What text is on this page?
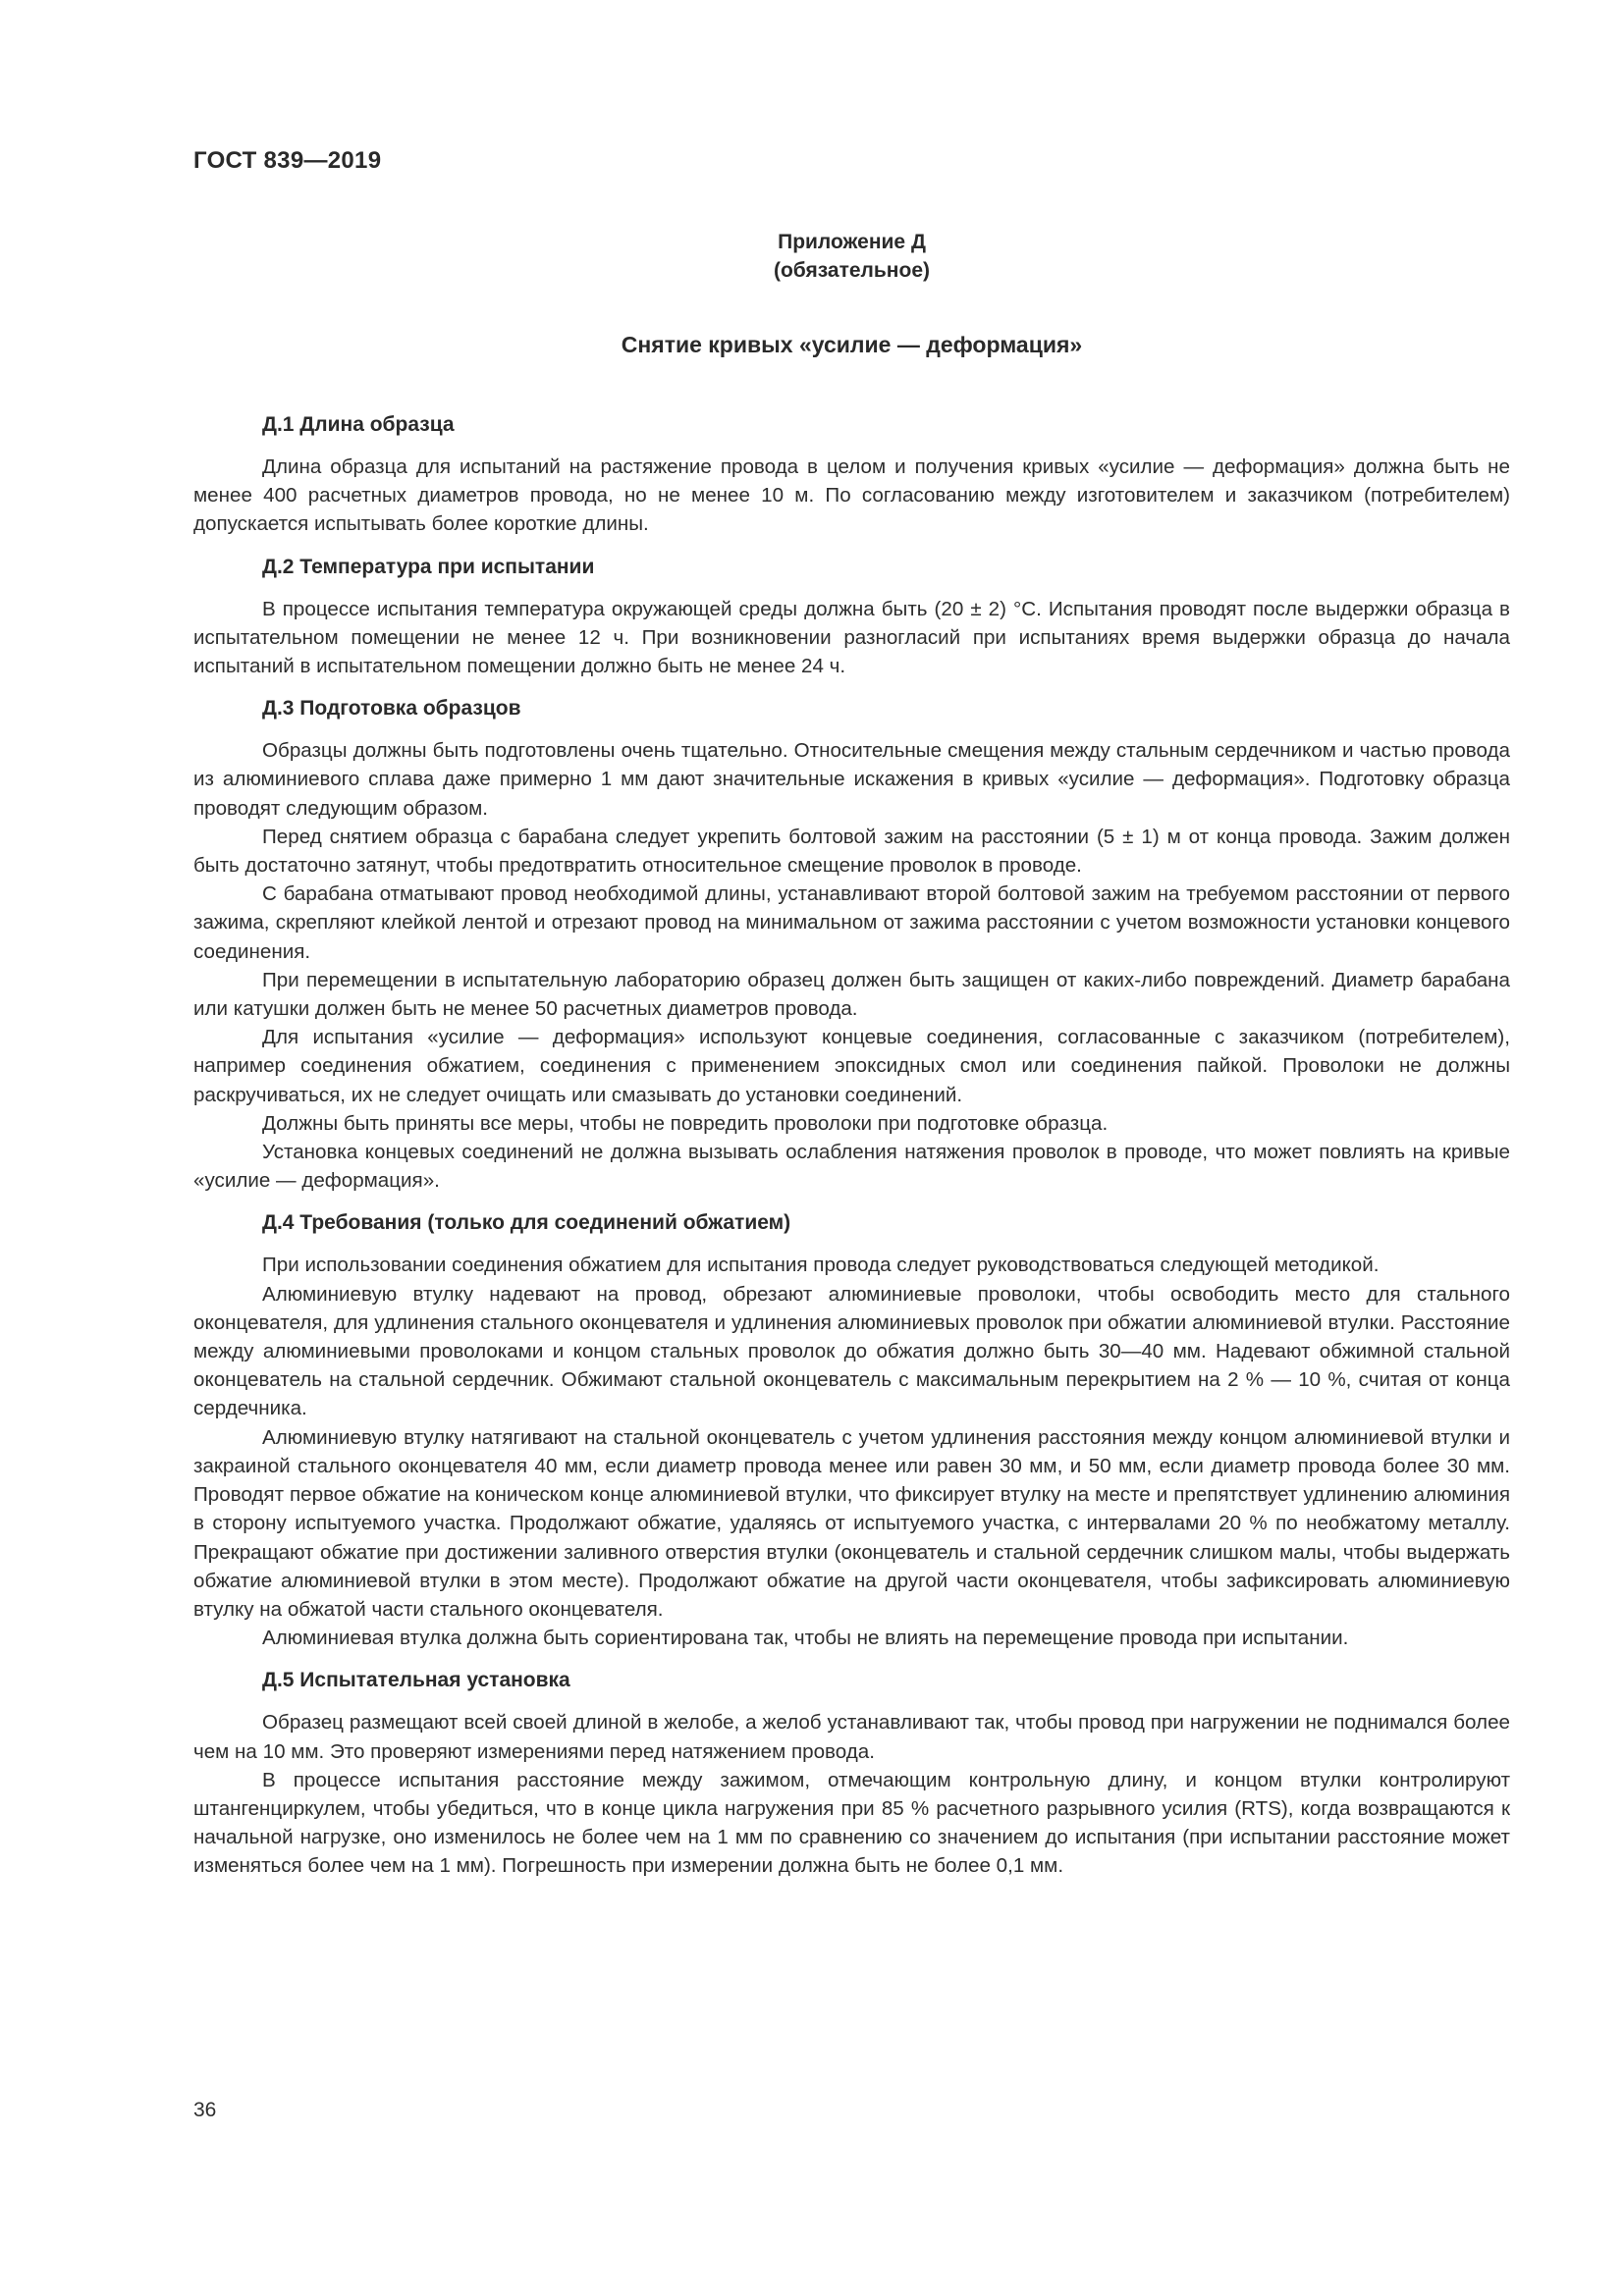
ГОСТ 839—2019
Приложение Д
(обязательное)
Снятие кривых «усилие — деформация»
Д.1 Длина образца

Длина образца для испытаний на растяжение провода в целом и получения кривых «усилие — деформация» должна быть не менее 400 расчетных диаметров провода, но не менее 10 м. По согласованию между изготовителем и заказчиком (потребителем) допускается испытывать более короткие длины.

Д.2 Температура при испытании

В процессе испытания температура окружающей среды должна быть (20 ± 2) °С. Испытания проводят после выдержки образца в испытательном помещении не менее 12 ч. При возникновении разногласий при испытаниях время выдержки образца до начала испытаний в испытательном помещении должно быть не менее 24 ч.

Д.3 Подготовка образцов

Образцы должны быть подготовлены очень тщательно. Относительные смещения между стальным сердечником и частью провода из алюминиевого сплава даже примерно 1 мм дают значительные искажения в кривых «усилие — деформация». Подготовку образца проводят следующим образом.

Перед снятием образца с барабана следует укрепить болтовой зажим на расстоянии (5 ± 1) м от конца провода. Зажим должен быть достаточно затянут, чтобы предотвратить относительное смещение проволок в проводе.

С барабана отматывают провод необходимой длины, устанавливают второй болтовой зажим на требуемом расстоянии от первого зажима, скрепляют клейкой лентой и отрезают провод на минимальном от зажима расстоянии с учетом возможности установки концевого соединения.

При перемещении в испытательную лабораторию образец должен быть защищен от каких-либо повреждений. Диаметр барабана или катушки должен быть не менее 50 расчетных диаметров провода.

Для испытания «усилие — деформация» используют концевые соединения, согласованные с заказчиком (потребителем), например соединения обжатием, соединения с применением эпоксидных смол или соединения пайкой. Проволоки не должны раскручиваться, их не следует очищать или смазывать до установки соединений.

Должны быть приняты все меры, чтобы не повредить проволоки при подготовке образца.

Установка концевых соединений не должна вызывать ослабления натяжения проволок в проводе, что может повлиять на кривые «усилие — деформация».

Д.4 Требования (только для соединений обжатием)

При использовании соединения обжатием для испытания провода следует руководствоваться следующей методикой.

Алюминиевую втулку надевают на провод, обрезают алюминиевые проволоки, чтобы освободить место для стального оконцевателя, для удлинения стального оконцевателя и удлинения алюминиевых проволок при обжатии алюминиевой втулки. Расстояние между алюминиевыми проволоками и концом стальных проволок до обжатия должно быть 30—40 мм. Надевают обжимной стальной оконцеватель на стальной сердечник. Обжимают стальной оконцеватель с максимальным перекрытием на 2 % — 10 %, считая от конца сердечника.

Алюминиевую втулку натягивают на стальной оконцеватель с учетом удлинения расстояния между концом алюминиевой втулки и закраиной стального оконцевателя 40 мм, если диаметр провода менее или равен 30 мм, и 50 мм, если диаметр провода более 30 мм. Проводят первое обжатие на коническом конце алюминиевой втулки, что фиксирует втулку на месте и препятствует удлинению алюминия в сторону испытуемого участка. Продолжают обжатие, удаляясь от испытуемого участка, с интервалами 20 % по необжатому металлу. Прекращают обжатие при достижении заливного отверстия втулки (оконцеватель и стальной сердечник слишком малы, чтобы выдержать обжатие алюминиевой втулки в этом месте). Продолжают обжатие на другой части оконцевателя, чтобы зафиксировать алюминиевую втулку на обжатой части стального оконцевателя.

Алюминиевая втулка должна быть сориентирована так, чтобы не влиять на перемещение провода при испытании.

Д.5 Испытательная установка

Образец размещают всей своей длиной в желобе, а желоб устанавливают так, чтобы провод при нагружении не поднимался более чем на 10 мм. Это проверяют измерениями перед натяжением провода.

В процессе испытания расстояние между зажимом, отмечающим контрольную длину, и концом втулки контролируют штангенциркулем, чтобы убедиться, что в конце цикла нагружения при 85 % расчетного разрывного усилия (RTS), когда возвращаются к начальной нагрузке, оно изменилось не более чем на 1 мм по сравнению со значением до испытания (при испытании расстояние может изменяться более чем на 1 мм). Погрешность при измерении должна быть не более 0,1 мм.

36
